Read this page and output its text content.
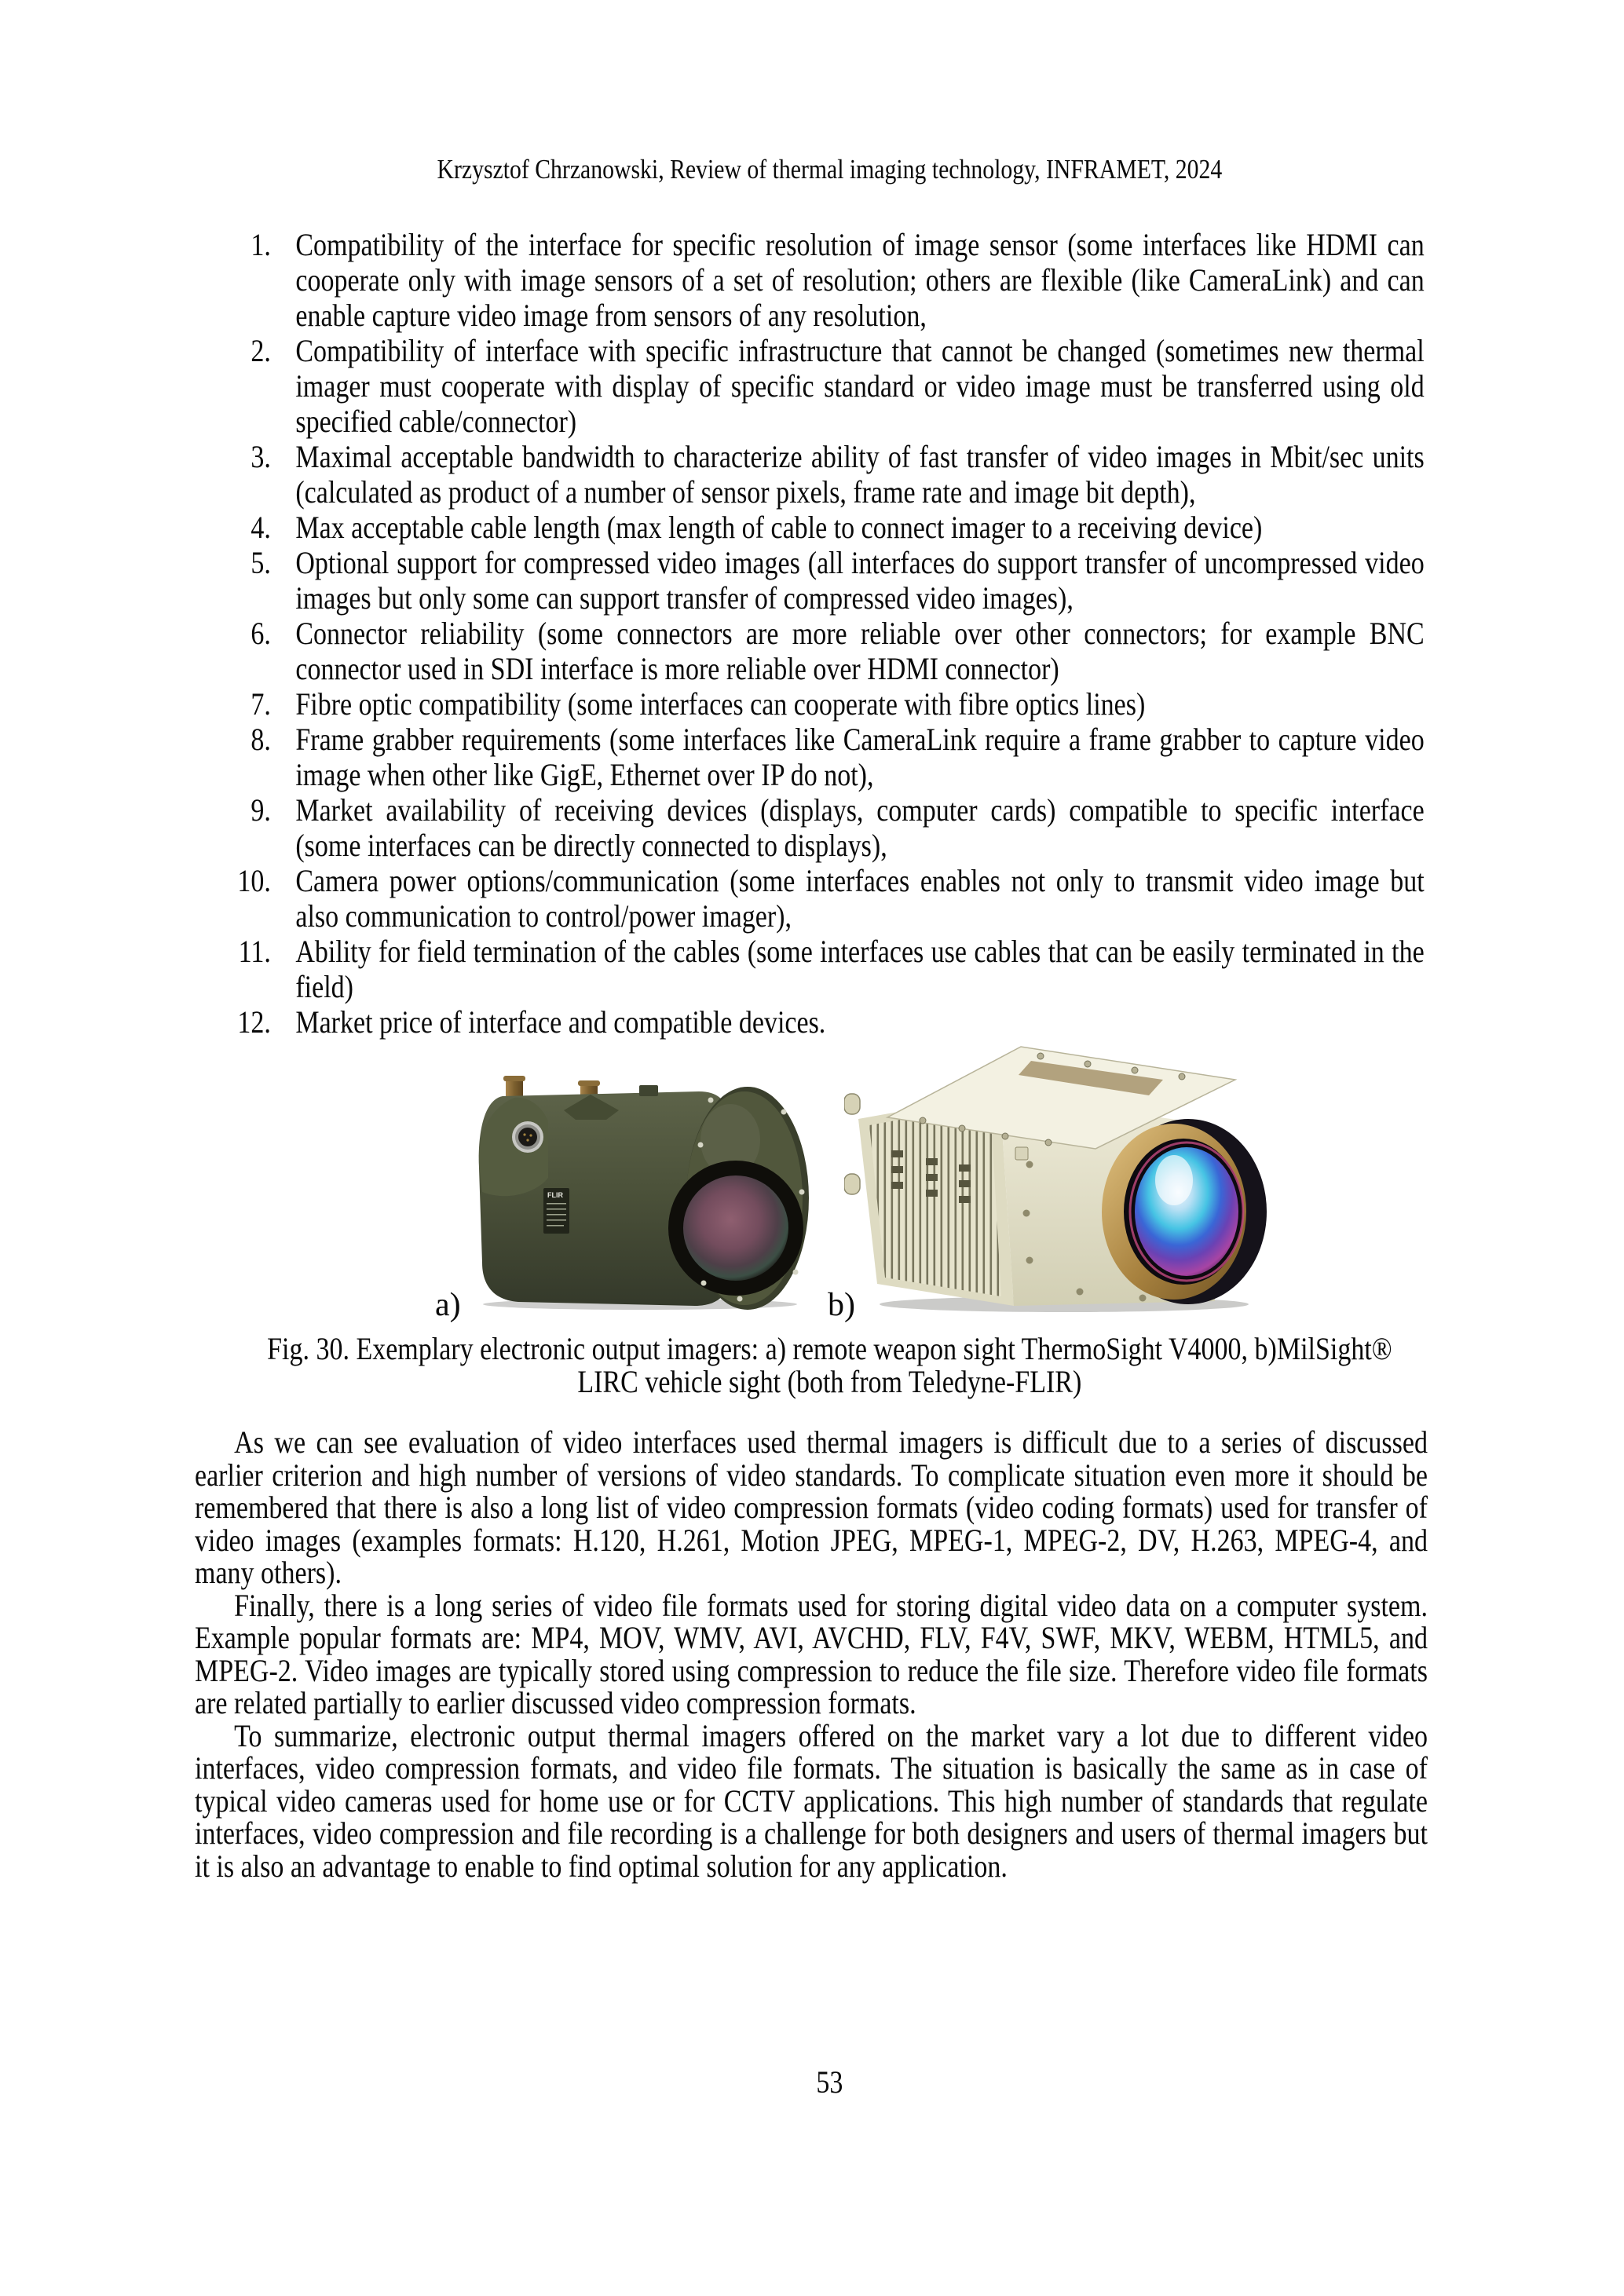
Krzysztof Chrzanowski, Review of thermal imaging technology, INFRAMET, 2024
1. Compatibility of the interface for specific resolution of image sensor (some interfaces like HDMI can cooperate only with image sensors of a set of resolution; others are flexible (like CameraLink) and can enable capture video image from sensors of any resolution,
2. Compatibility of interface with specific infrastructure that cannot be changed (sometimes new thermal imager must cooperate with display of specific standard or video image must be transferred using old specified cable/connector)
3. Maximal acceptable bandwidth to characterize ability of fast transfer of video images in Mbit/sec units (calculated as product of a number of sensor pixels, frame rate and image bit depth),
4. Max acceptable cable length (max length of cable to connect imager to a receiving device)
5. Optional support for compressed video images (all interfaces do support transfer of uncompressed video images but only some can support transfer of compressed video images),
6. Connector reliability (some connectors are more reliable over other connectors; for example BNC connector used in SDI interface is more reliable over HDMI connector)
7. Fibre optic compatibility (some interfaces can cooperate with fibre optics lines)
8. Frame grabber requirements (some interfaces like CameraLink require a frame grabber to capture video image when other like GigE, Ethernet over IP do not),
9. Market availability of receiving devices (displays, computer cards) compatible to specific interface (some interfaces can be directly connected to displays),
10. Camera power options/communication (some interfaces enables not only to transmit video image but also communication to control/power imager),
11. Ability for field termination of the cables (some interfaces use cables that can be easily terminated in the field)
12. Market price of interface and compatible devices.
FLIR
a)	b)
Fig. 30. Exemplary electronic output imagers: a) remote weapon sight ThermoSight V4000, b)MilSight®
LIRC vehicle sight (both from Teledyne-FLIR)

As we can see evaluation of video interfaces used thermal imagers is difficult due to a series of discussed earlier criterion and high number of versions of video standards. To complicate situation even more it should be remembered that there is also a long list of video compression formats (video coding formats) used for transfer of video images (examples formats: H.120, H.261, Motion JPEG, MPEG-1, MPEG-2, DV, H.263, MPEG-4, and many others).

Finally, there is a long series of video file formats used for storing digital video data on a computer system. Example popular formats are: MP4, MOV, WMV, AVI, AVCHD, FLV, F4V, SWF, MKV, WEBM, HTML5, and MPEG-2. Video images are typically stored using compression to reduce the file size. Therefore video file formats are related partially to earlier discussed video compression formats.

To summarize, electronic output thermal imagers offered on the market vary a lot due to different video interfaces, video compression formats, and video file formats. The situation is basically the same as in case of typical video cameras used for home use or for CCTV applications. This high number of standards that regulate interfaces, video compression and file recording is a challenge for both designers and users of thermal imagers but it is also an advantage to enable to find optimal solution for any application.

53
